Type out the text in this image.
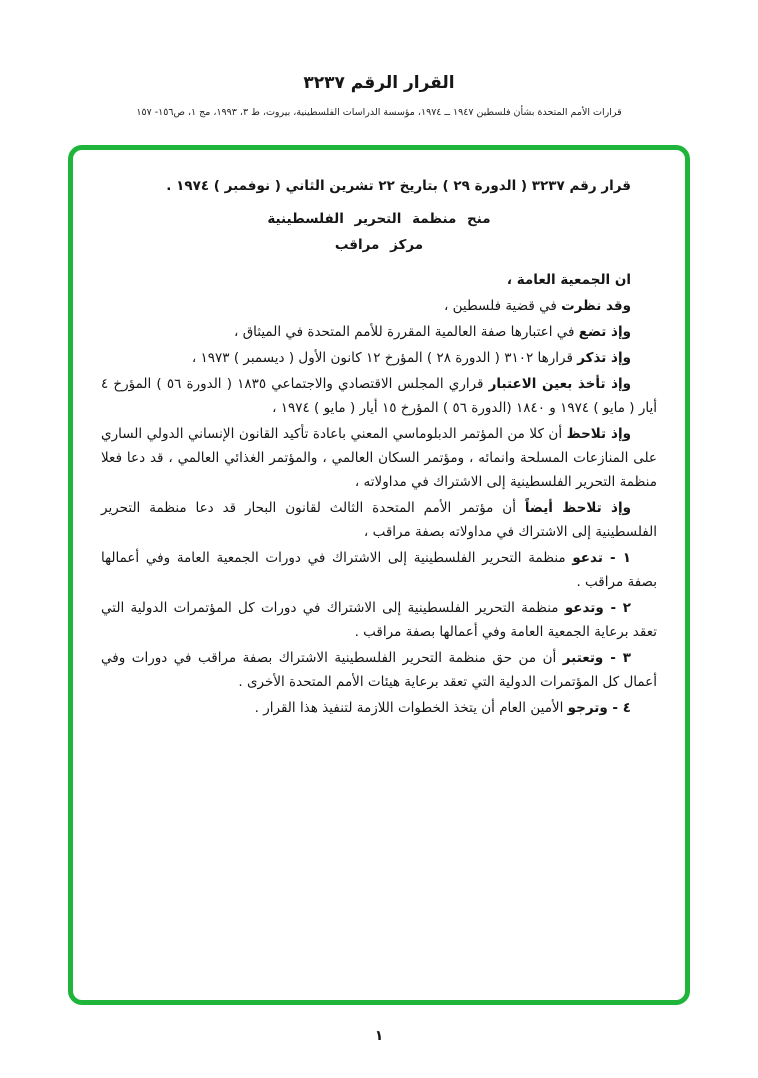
القرار الرقم ٣٢٣٧
قرارات الأمم المتحدة بشأن فلسطين ١٩٤٧ ــ ١٩٧٤، مؤسسة الدراسات الفلسطينية، بيروت، ط ٣، ١٩٩٣، مج ١، ص١٥٦- ١٥٧

قرار رقم ٣٢٣٧ ( الدورة ٢٩ ) بتاريخ ٢٢ تشرين الثاني ( نوفمبر ) ١٩٧٤ .

منح منظمة التحرير الفلسطينية

مركز مراقب

ان الجمعية العامة ،

وقد نظرت في قضية فلسطين ،

وإذ تضع في اعتبارها صفة العالمية المقررة للأمم المتحدة في الميثاق ،

وإذ تذكر قرارها ٣١٠٢ ( الدورة ٢٨ ) المؤرخ ١٢ كانون الأول ( ديسمبر ) ١٩٧٣ ،

وإذ تأخذ بعين الاعتبار قراري المجلس الاقتصادي والاجتماعي ١٨٣٥ ( الدورة ٥٦ ) المؤرخ ٤ أيار ( مايو ) ١٩٧٤ و ١٨٤٠ (الدورة ٥٦ ) المؤرخ ١٥ أيار ( مايو ) ١٩٧٤ ،

وإذ تلاحظ أن كلا من المؤتمر الدبلوماسي المعني باعادة تأكيد القانون الإنساني الدولي الساري على المنازعات المسلحة وانمائه ، ومؤتمر السكان العالمي ، والمؤتمر الغذائي العالمي ، قد دعا فعلا منظمة التحرير الفلسطينية إلى الاشتراك في مداولاته ،

وإذ تلاحظ أيضاً أن مؤتمر الأمم المتحدة الثالث لقانون البحار قد دعا منظمة التحرير الفلسطينية إلى الاشتراك في مداولاته بصفة مراقب ،

١ - تدعو منظمة التحرير الفلسطينية إلى الاشتراك في دورات الجمعية العامة وفي أعمالها بصفة مراقب .

٢ - وتدعو منظمة التحرير الفلسطينية إلى الاشتراك في دورات كل المؤتمرات الدولية التي تعقد برعاية الجمعية العامة وفي أعمالها بصفة مراقب .

٣ - وتعتبر أن من حق منظمة التحرير الفلسطينية الاشتراك بصفة مراقب في دورات وفي أعمال كل المؤتمرات الدولية التي تعقد برعاية هيئات الأمم المتحدة الأخرى .

٤ - وترجو الأمين العام أن يتخذ الخطوات اللازمة لتنفيذ هذا القرار .

١
